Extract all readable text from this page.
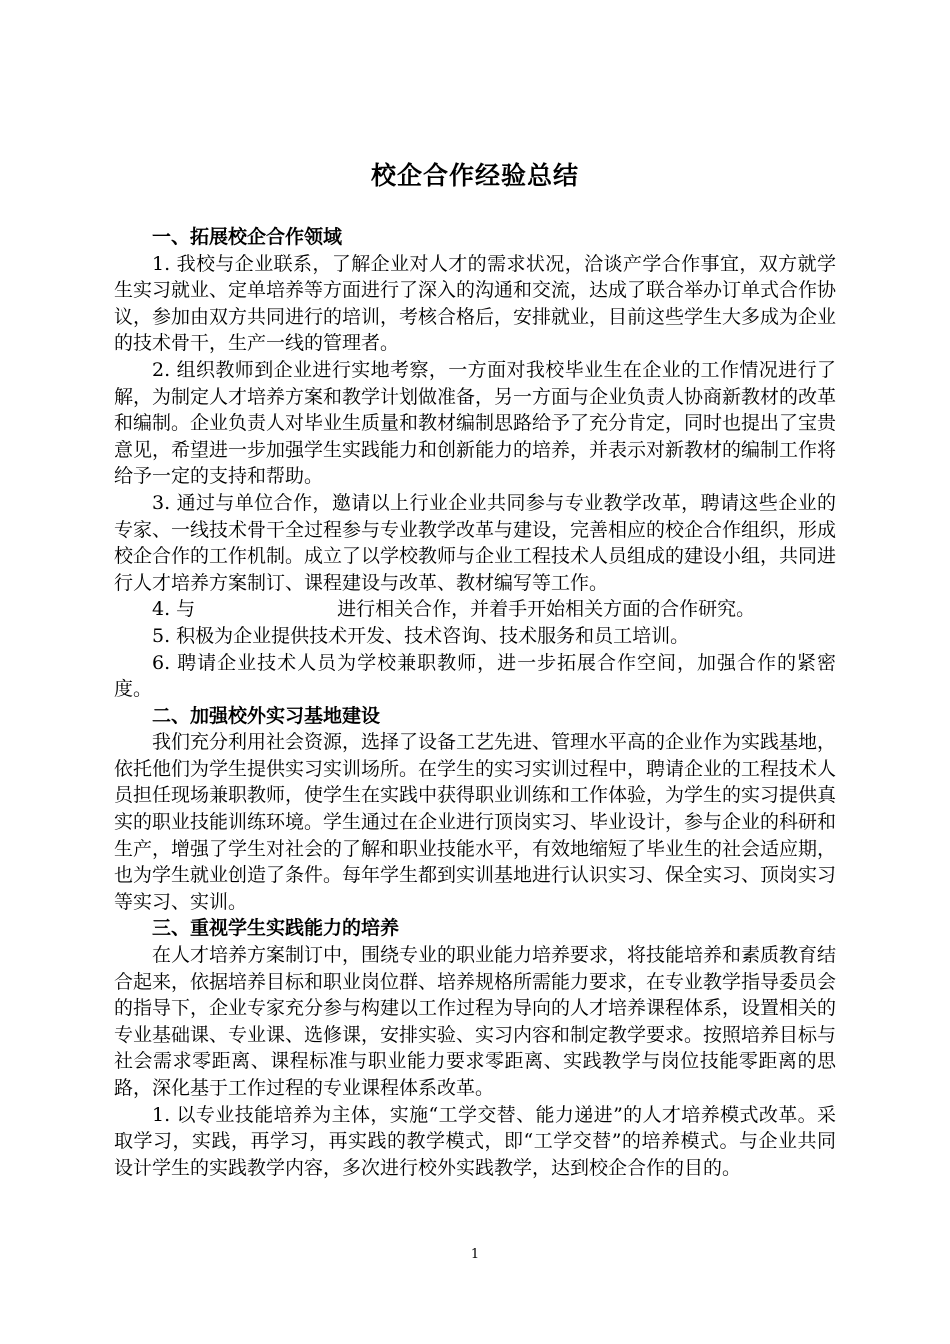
校企合作经验总结
一、拓展校企合作领域

1. 我校与企业联系，了解企业对人才的需求状况，洽谈产学合作事宜，双方就学生实习就业、定单培养等方面进行了深入的沟通和交流，达成了联合举办订单式合作协议，参加由双方共同进行的培训，考核合格后，安排就业，目前这些学生大多成为企业的技术骨干，生产一线的管理者。

2. 组织教师到企业进行实地考察，一方面对我校毕业生在企业的工作情况进行了解，为制定人才培养方案和教学计划做准备，另一方面与企业负责人协商新教材的改革和编制。企业负责人对毕业生质量和教材编制思路给予了充分肯定，同时也提出了宝贵意见，希望进一步加强学生实践能力和创新能力的培养，并表示对新教材的编制工作将给予一定的支持和帮助。

3. 通过与单位合作，邀请以上行业企业共同参与专业教学改革，聘请这些企业的专家、一线技术骨干全过程参与专业教学改革与建设，完善相应的校企合作组织，形成校企合作的工作机制。成立了以学校教师与企业工程技术人员组成的建设小组，共同进行人才培养方案制订、课程建设与改革、教材编写等工作。

4. 与	进行相关合作，并着手开始相关方面的合作研究。

5. 积极为企业提供技术开发、技术咨询、技术服务和员工培训。

6. 聘请企业技术人员为学校兼职教师，进一步拓展合作空间，加强合作的紧密度。

二、加强校外实习基地建设

我们充分利用社会资源，选择了设备工艺先进、管理水平高的企业作为实践基地，依托他们为学生提供实习实训场所。在学生的实习实训过程中，聘请企业的工程技术人员担任现场兼职教师，使学生在实践中获得职业训练和工作体验，为学生的实习提供真实的职业技能训练环境。学生通过在企业进行顶岗实习、毕业设计，参与企业的科研和生产，增强了学生对社会的了解和职业技能水平，有效地缩短了毕业生的社会适应期，也为学生就业创造了条件。每年学生都到实训基地进行认识实习、保全实习、顶岗实习等实习、实训。

三、重视学生实践能力的培养

在人才培养方案制订中，围绕专业的职业能力培养要求，将技能培养和素质教育结合起来，依据培养目标和职业岗位群、培养规格所需能力要求，在专业教学指导委员会的指导下，企业专家充分参与构建以工作过程为导向的人才培养课程体系，设置相关的专业基础课、专业课、选修课，安排实验、实习内容和制定教学要求。按照培养目标与社会需求零距离、课程标准与职业能力要求零距离、实践教学与岗位技能零距离的思路，深化基于工作过程的专业课程体系改革。

1. 以专业技能培养为主体，实施“工学交替、能力递进”的人才培养模式改革。采取学习，实践，再学习，再实践的教学模式，即“工学交替”的培养模式。与企业共同设计学生的实践教学内容，多次进行校外实践教学，达到校企合作的目的。

1
